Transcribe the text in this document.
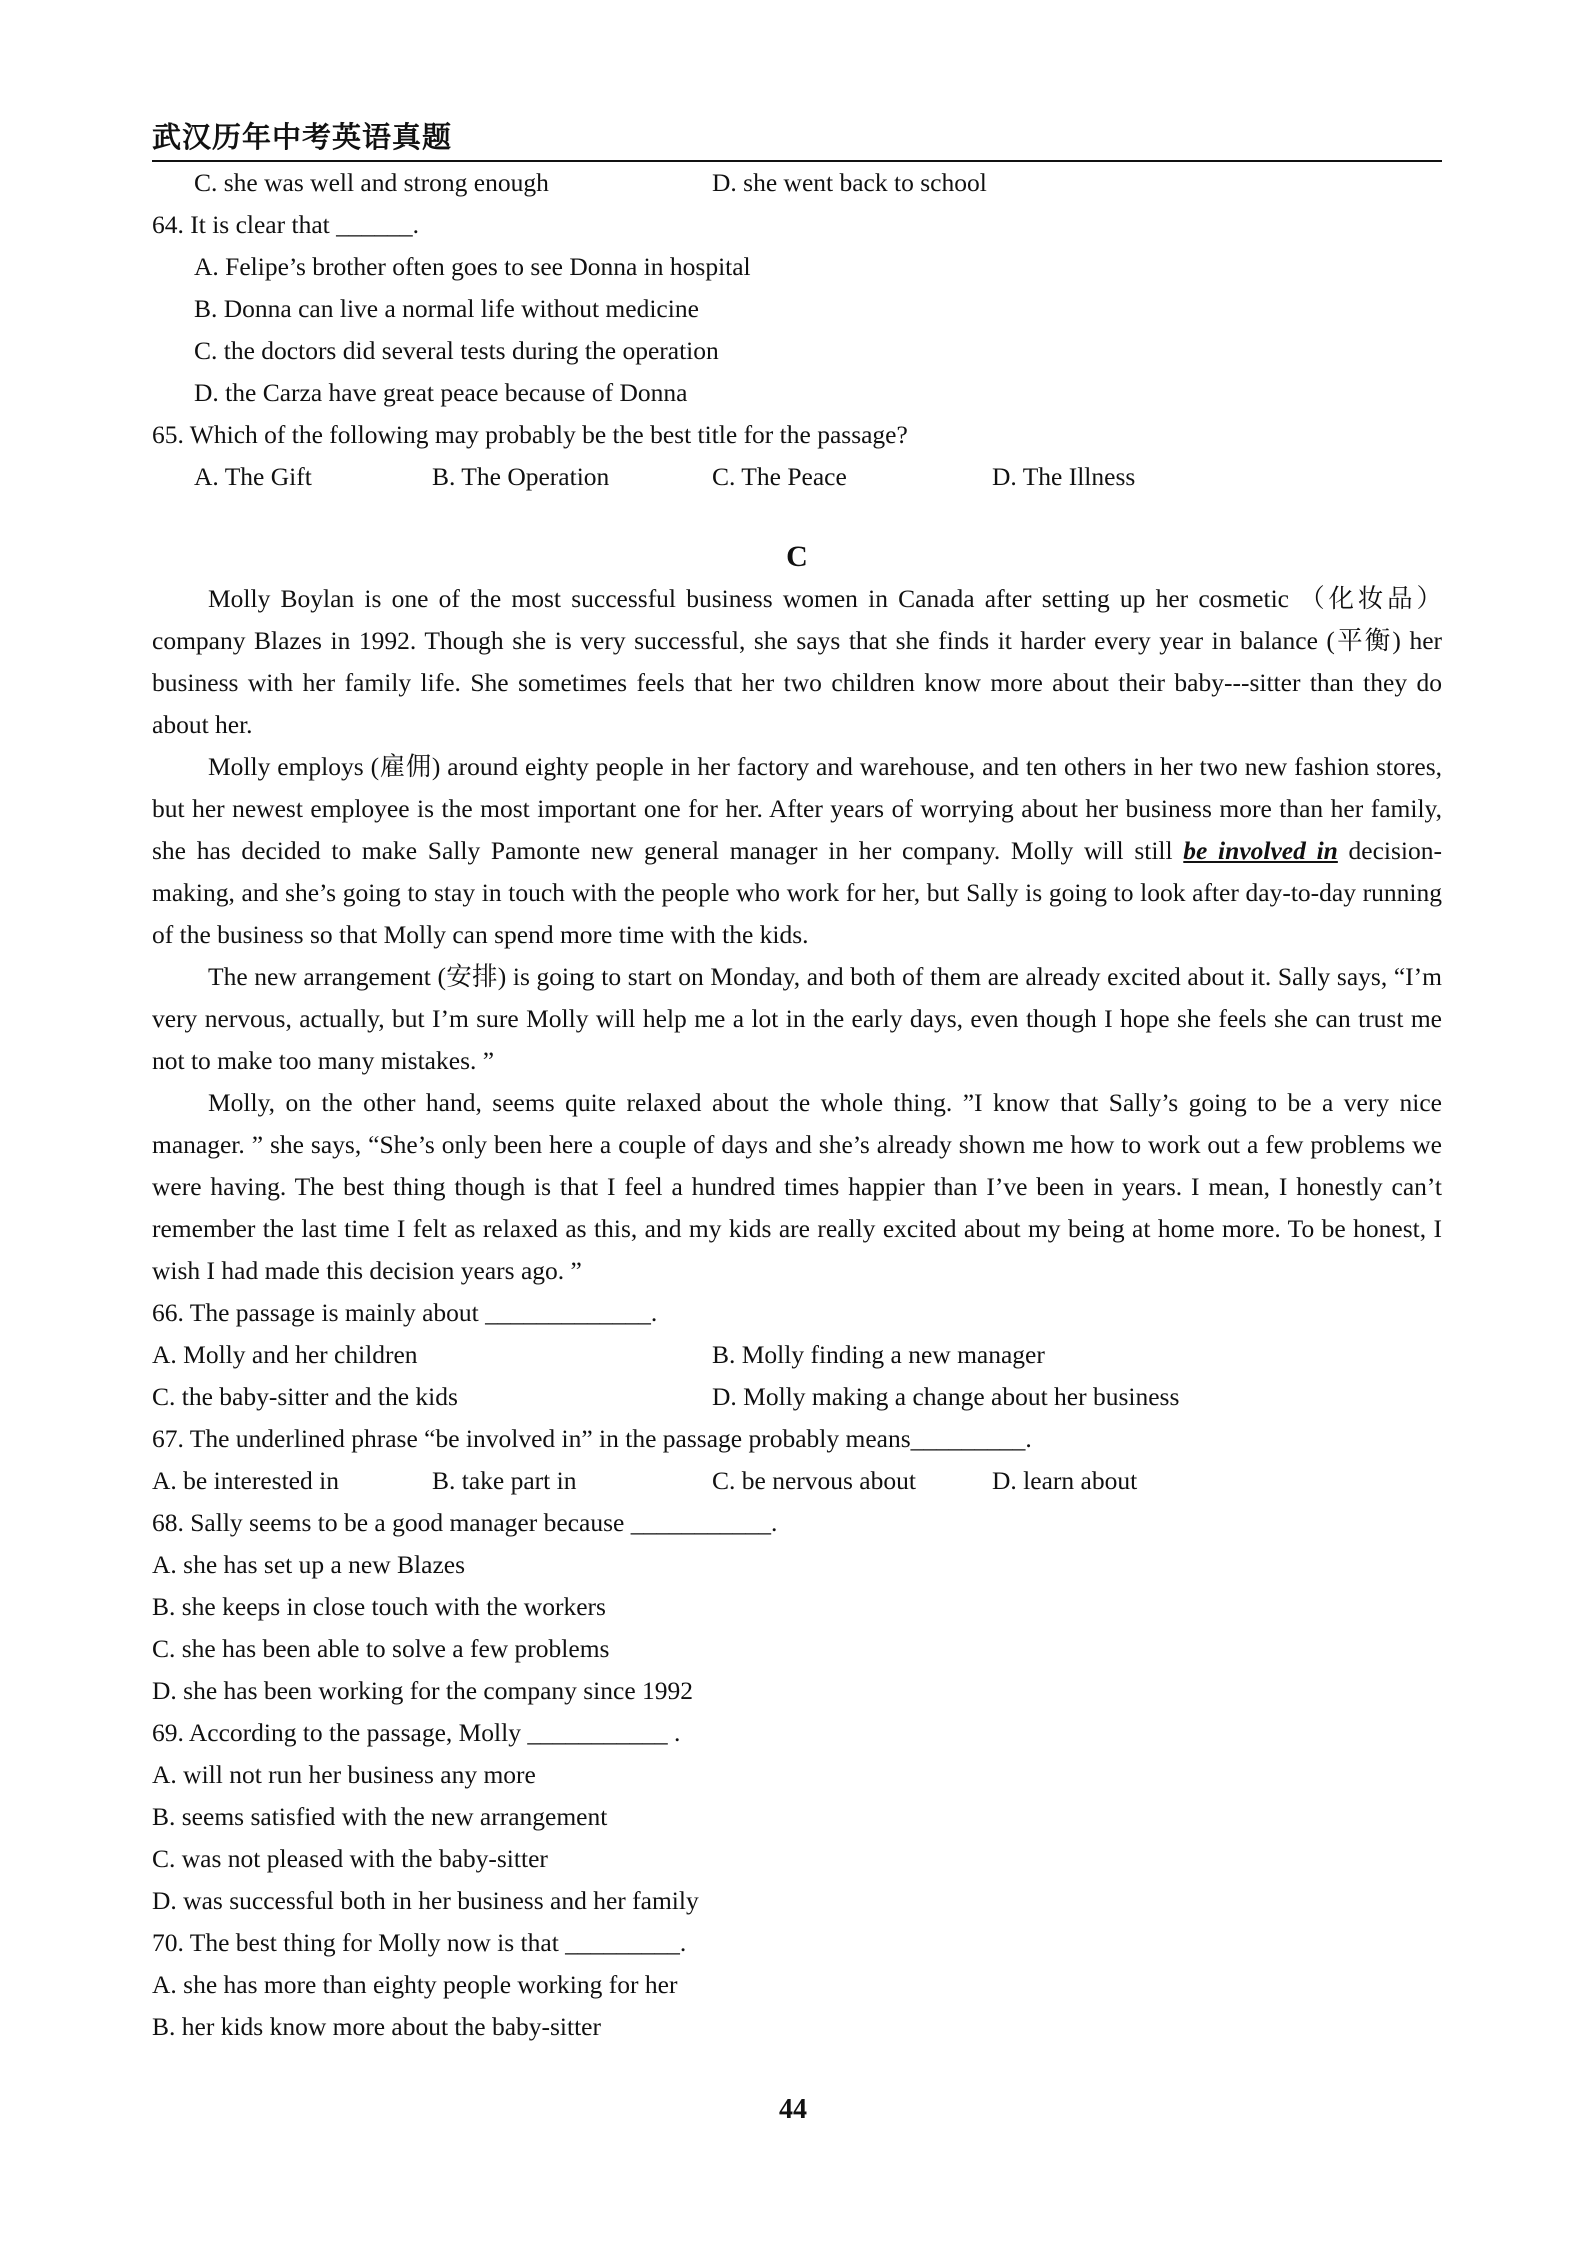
武汉历年中考英语真题
C. she was well and strong enough	D. she went back to school
64. It is clear that ______.
A. Felipe’s brother often goes to see Donna in hospital
B. Donna can live a normal life without medicine
C. the doctors did several tests during the operation
D. the Carza have great peace because of Donna
65. Which of the following may probably be the best title for the passage?
A. The Gift	B. The Operation	C. The Peace	D. The Illness
C
Molly Boylan is one of the most successful business women in Canada after setting up her cosmetic （化妆品） company Blazes in 1992. Though she is very successful, she says that she finds it harder every year in balance (平衡) her business with her family life. She sometimes feels that her two children know more about their baby---sitter than they do about her.
Molly employs (雇佣) around eighty people in her factory and warehouse, and ten others in her two new fashion stores, but her newest employee is the most important one for her. After years of worrying about her business more than her family, she has decided to make Sally Pamonte new general manager in her company. Molly will still be involved in decision- making, and she’s going to stay in touch with the people who work for her, but Sally is going to look after day-to-day running of the business so that Molly can spend more time with the kids.
The new arrangement (安排) is going to start on Monday, and both of them are already excited about it. Sally says, “I’m very nervous, actually, but I’m sure Molly will help me a lot in the early days, even though I hope she feels she can trust me not to make too many mistakes. ”
Molly, on the other hand, seems quite relaxed about the whole thing. ”I know that Sally’s going to be a very nice manager. ” she says, “She’s only been here a couple of days and she’s already shown me how to work out a few problems we were having. The best thing though is that I feel a hundred times happier than I’ve been in years. I mean, I honestly can’t remember the last time I felt as relaxed as this, and my kids are really excited about my being at home more. To be honest, I wish I had made this decision years ago. ”
66. The passage is mainly about _____________.
A. Molly and her children	B. Molly finding a new manager
C. the baby-sitter and the kids	D. Molly making a change about her business
67. The underlined phrase “be involved in” in the passage probably means_________.
A. be interested in	B. take part in	C. be nervous about	D. learn about
68. Sally seems to be a good manager because ___________.
A. she has set up a new Blazes
B. she keeps in close touch with the workers
C. she has been able to solve a few problems
D. she has been working for the company since 1992
69. According to the passage, Molly ___________ .
A. will not run her business any more
B. seems satisfied with the new arrangement
C. was not pleased with the baby-sitter
D. was successful both in her business and her family
70. The best thing for Molly now is that _________.
A. she has more than eighty people working for her
B. her kids know more about the baby-sitter
44
